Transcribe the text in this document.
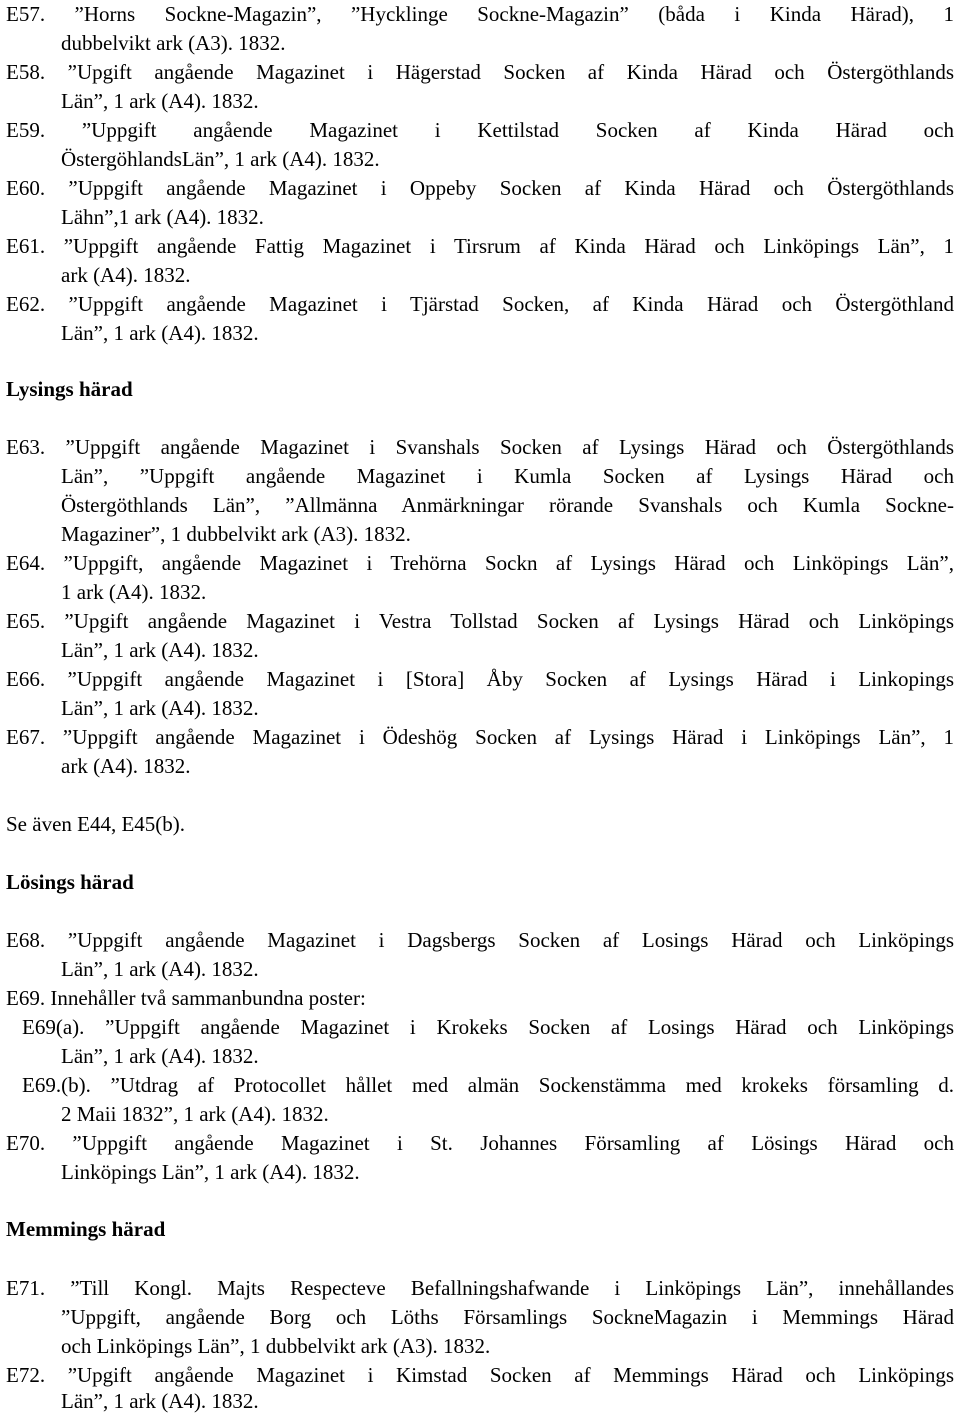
E57. ”Horns Sockne-Magazin”, ”Hycklinge Sockne-Magazin” (båda i Kinda Härad), 1
dubbelvikt ark (A3). 1832.
E58. ”Upgift angående Magazinet i Hägerstad Socken af Kinda Härad och Östergöthlands
Län”, 1 ark (A4). 1832.
E59. ”Uppgift angående Magazinet i Kettilstad Socken af Kinda Härad och
ÖstergöhlandsLän”, 1 ark (A4). 1832.
E60. ”Uppgift angående Magazinet i Oppeby Socken af Kinda Härad och Östergöthlands
Lähn”,1 ark (A4). 1832.
E61. ”Uppgift angående Fattig Magazinet i Tirsrum af Kinda Härad och Linköpings Län”, 1
ark (A4). 1832.
E62. ”Uppgift angående Magazinet i Tjärstad Socken, af Kinda Härad och Östergöthland
Län”, 1 ark (A4). 1832.
Lysings härad
E63. ”Uppgift angående Magazinet i Svanshals Socken af Lysings Härad och Östergöthlands
Län”, ”Uppgift angående Magazinet i Kumla Socken af Lysings Härad och
Östergöthlands Län”, ”Allmänna Anmärkningar rörande Svanshals och Kumla Sockne-
Magaziner”, 1 dubbelvikt ark (A3). 1832.
E64. ”Uppgift, angående Magazinet i Trehörna Sockn af Lysings Härad och Linköpings Län”,
1 ark (A4). 1832.
E65. ”Upgift angående Magazinet i Vestra Tollstad Socken af Lysings Härad och Linköpings
Län”, 1 ark (A4). 1832.
E66. ”Uppgift angående Magazinet i [Stora] Åby Socken af Lysings Härad i Linkopings
Län”, 1 ark (A4). 1832.
E67. ”Uppgift angående Magazinet i Ödeshög Socken af Lysings Härad i Linköpings Län”, 1
ark (A4). 1832.
Se även E44, E45(b).
Lösings härad
E68. ”Uppgift angående Magazinet i Dagsbergs Socken af Losings Härad och Linköpings
Län”, 1 ark (A4). 1832.
E69. Innehåller två sammanbundna poster:
E69(a). ”Uppgift angående Magazinet i Krokeks Socken af Losings Härad och Linköpings
Län”, 1 ark (A4). 1832.
E69.(b). ”Utdrag af Protocollet hållet med almän Sockenstämma med krokeks församling d.
2 Maii 1832”, 1 ark (A4). 1832.
E70. ”Uppgift angående Magazinet i St. Johannes Församling af Lösings Härad och
Linköpings Län”, 1 ark (A4). 1832.
Memmings härad
E71. ”Till Kongl. Majts Respecteve Befallningshafwande i Linköpings Län”, innehållandes
”Uppgift, angående Borg och Löths Församlings SockneMagazin i Memmings Härad
och Linköpings Län”, 1 dubbelvikt ark (A3). 1832.
E72. ”Upgift angående Magazinet i Kimstad Socken af Memmings Härad och Linköpings
Län”, 1 ark (A4). 1832.
